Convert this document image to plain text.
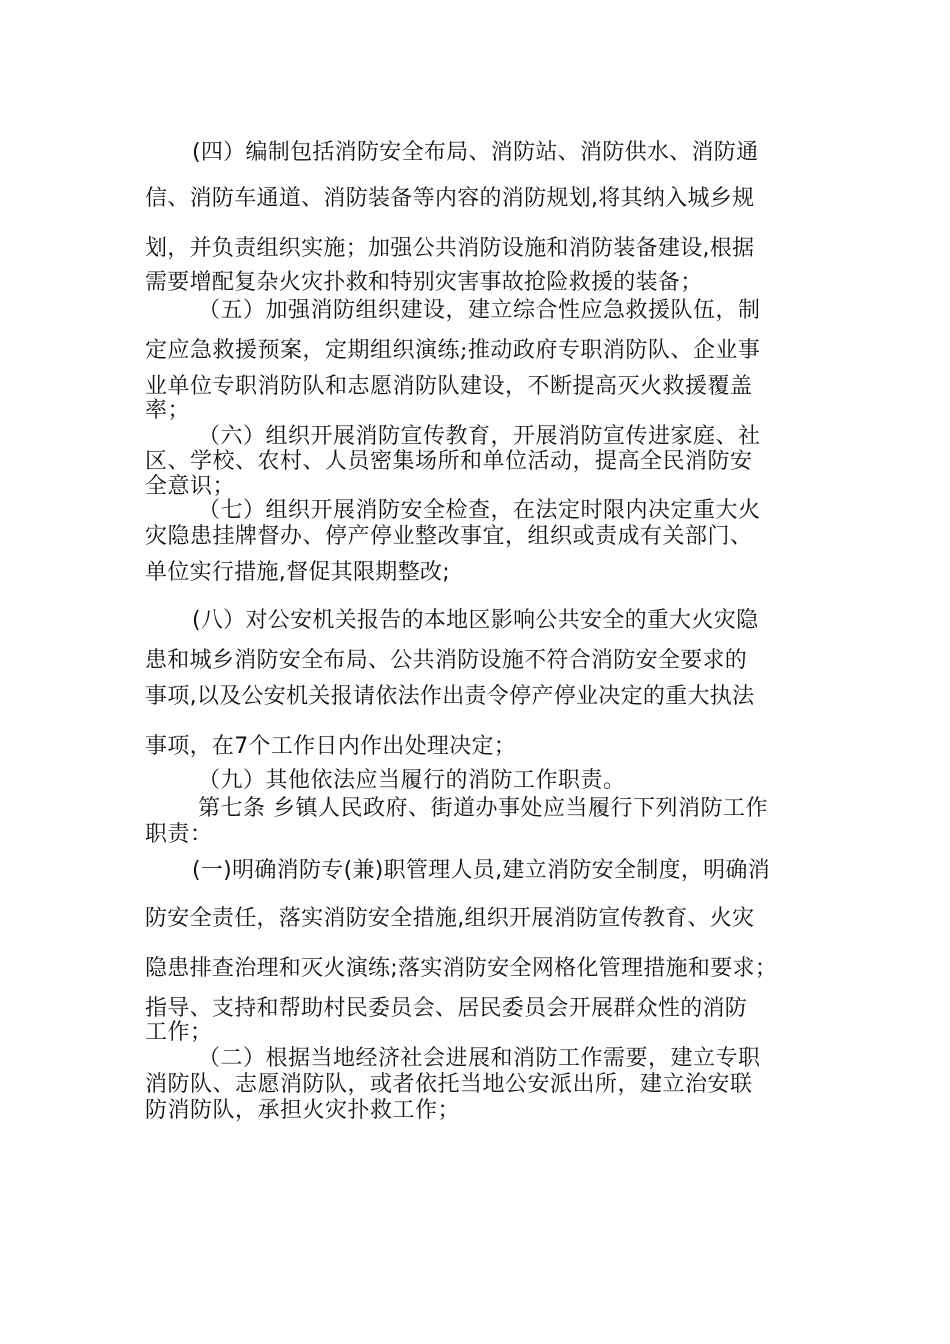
(四）编制包括消防安全布局、消防站、消防供水、消防通
信、消防车通道、消防装备等内容的消防规划,将其纳入城乡规
划，并负责组织实施；加强公共消防设施和消防装备建设,根据
需要增配复杂火灾扑救和特别灾害事故抢险救援的装备；
（五）加强消防组织建设，建立综合性应急救援队伍，制
定应急救援预案，定期组织演练;推动政府专职消防队、企业事
业单位专职消防队和志愿消防队建设，不断提高灭火救援覆盖
率；
（六）组织开展消防宣传教育，开展消防宣传进家庭、社
区、学校、农村、人员密集场所和单位活动，提高全民消防安
全意识；
（七）组织开展消防安全检查，在法定时限内决定重大火
灾隐患挂牌督办、停产停业整改事宜，组织或责成有关部门、
单位实行措施,督促其限期整改;
(八）对公安机关报告的本地区影响公共安全的重大火灾隐
患和城乡消防安全布局、公共消防设施不符合消防安全要求的
事项,以及公安机关报请依法作出责令停产停业决定的重大执法
事项，在7个工作日内作出处理决定；
（九）其他依法应当履行的消防工作职责。
第七条 乡镇人民政府、街道办事处应当履行下列消防工作
职责：
(一)明确消防专(兼)职管理人员,建立消防安全制度，明确消
防安全责任，落实消防安全措施,组织开展消防宣传教育、火灾
隐患排查治理和灭火演练;落实消防安全网格化管理措施和要求；
指导、支持和帮助村民委员会、居民委员会开展群众性的消防
工作；
（二）根据当地经济社会进展和消防工作需要，建立专职
消防队、志愿消防队，或者依托当地公安派出所，建立治安联
防消防队，承担火灾扑救工作；
